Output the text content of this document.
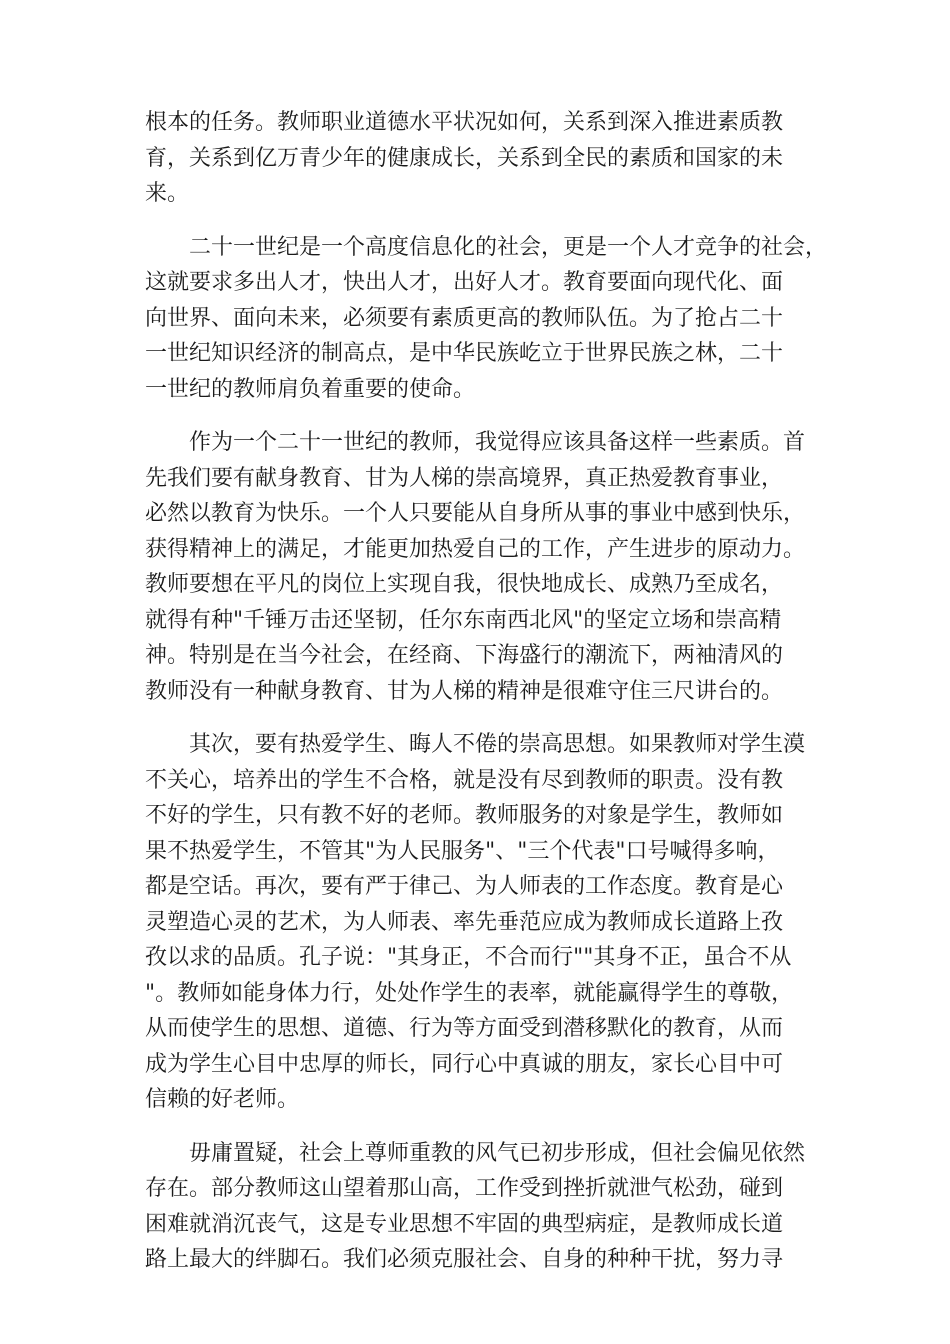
根本的任务。教师职业道德水平状况如何，关系到深入推进素质教
育，关系到亿万青少年的健康成长，关系到全民的素质和国家的未
来。

　　二十一世纪是一个高度信息化的社会，更是一个人才竞争的社会，
这就要求多出人才，快出人才，出好人才。教育要面向现代化、面
向世界、面向未来，必须要有素质更高的教师队伍。为了抢占二十
一世纪知识经济的制高点，是中华民族屹立于世界民族之林，二十
一世纪的教师肩负着重要的使命。

　　作为一个二十一世纪的教师，我觉得应该具备这样一些素质。首
先我们要有献身教育、甘为人梯的崇高境界，真正热爱教育事业，
必然以教育为快乐。一个人只要能从自身所从事的事业中感到快乐，
获得精神上的满足，才能更加热爱自己的工作，产生进步的原动力。
教师要想在平凡的岗位上实现自我，很快地成长、成熟乃至成名，
就得有种"千锤万击还坚韧，任尔东南西北风"的坚定立场和崇高精
神。特别是在当今社会，在经商、下海盛行的潮流下，两袖清风的
教师没有一种献身教育、甘为人梯的精神是很难守住三尺讲台的。

　　其次，要有热爱学生、晦人不倦的崇高思想。如果教师对学生漠
不关心，培养出的学生不合格，就是没有尽到教师的职责。没有教
不好的学生，只有教不好的老师。教师服务的对象是学生，教师如
果不热爱学生，不管其"为人民服务"、"三个代表"口号喊得多响，
都是空话。再次，要有严于律己、为人师表的工作态度。教育是心
灵塑造心灵的艺术，为人师表、率先垂范应成为教师成长道路上孜
孜以求的品质。孔子说："其身正，不合而行""其身不正，虽合不从
"。教师如能身体力行，处处作学生的表率，就能赢得学生的尊敬，
从而使学生的思想、道德、行为等方面受到潜移默化的教育，从而
成为学生心目中忠厚的师长，同行心中真诚的朋友，家长心目中可
信赖的好老师。

　　毋庸置疑，社会上尊师重教的风气已初步形成，但社会偏见依然
存在。部分教师这山望着那山高，工作受到挫折就泄气松劲，碰到
困难就消沉丧气，这是专业思想不牢固的典型病症，是教师成长道
路上最大的绊脚石。我们必须克服社会、自身的种种干扰，努力寻
